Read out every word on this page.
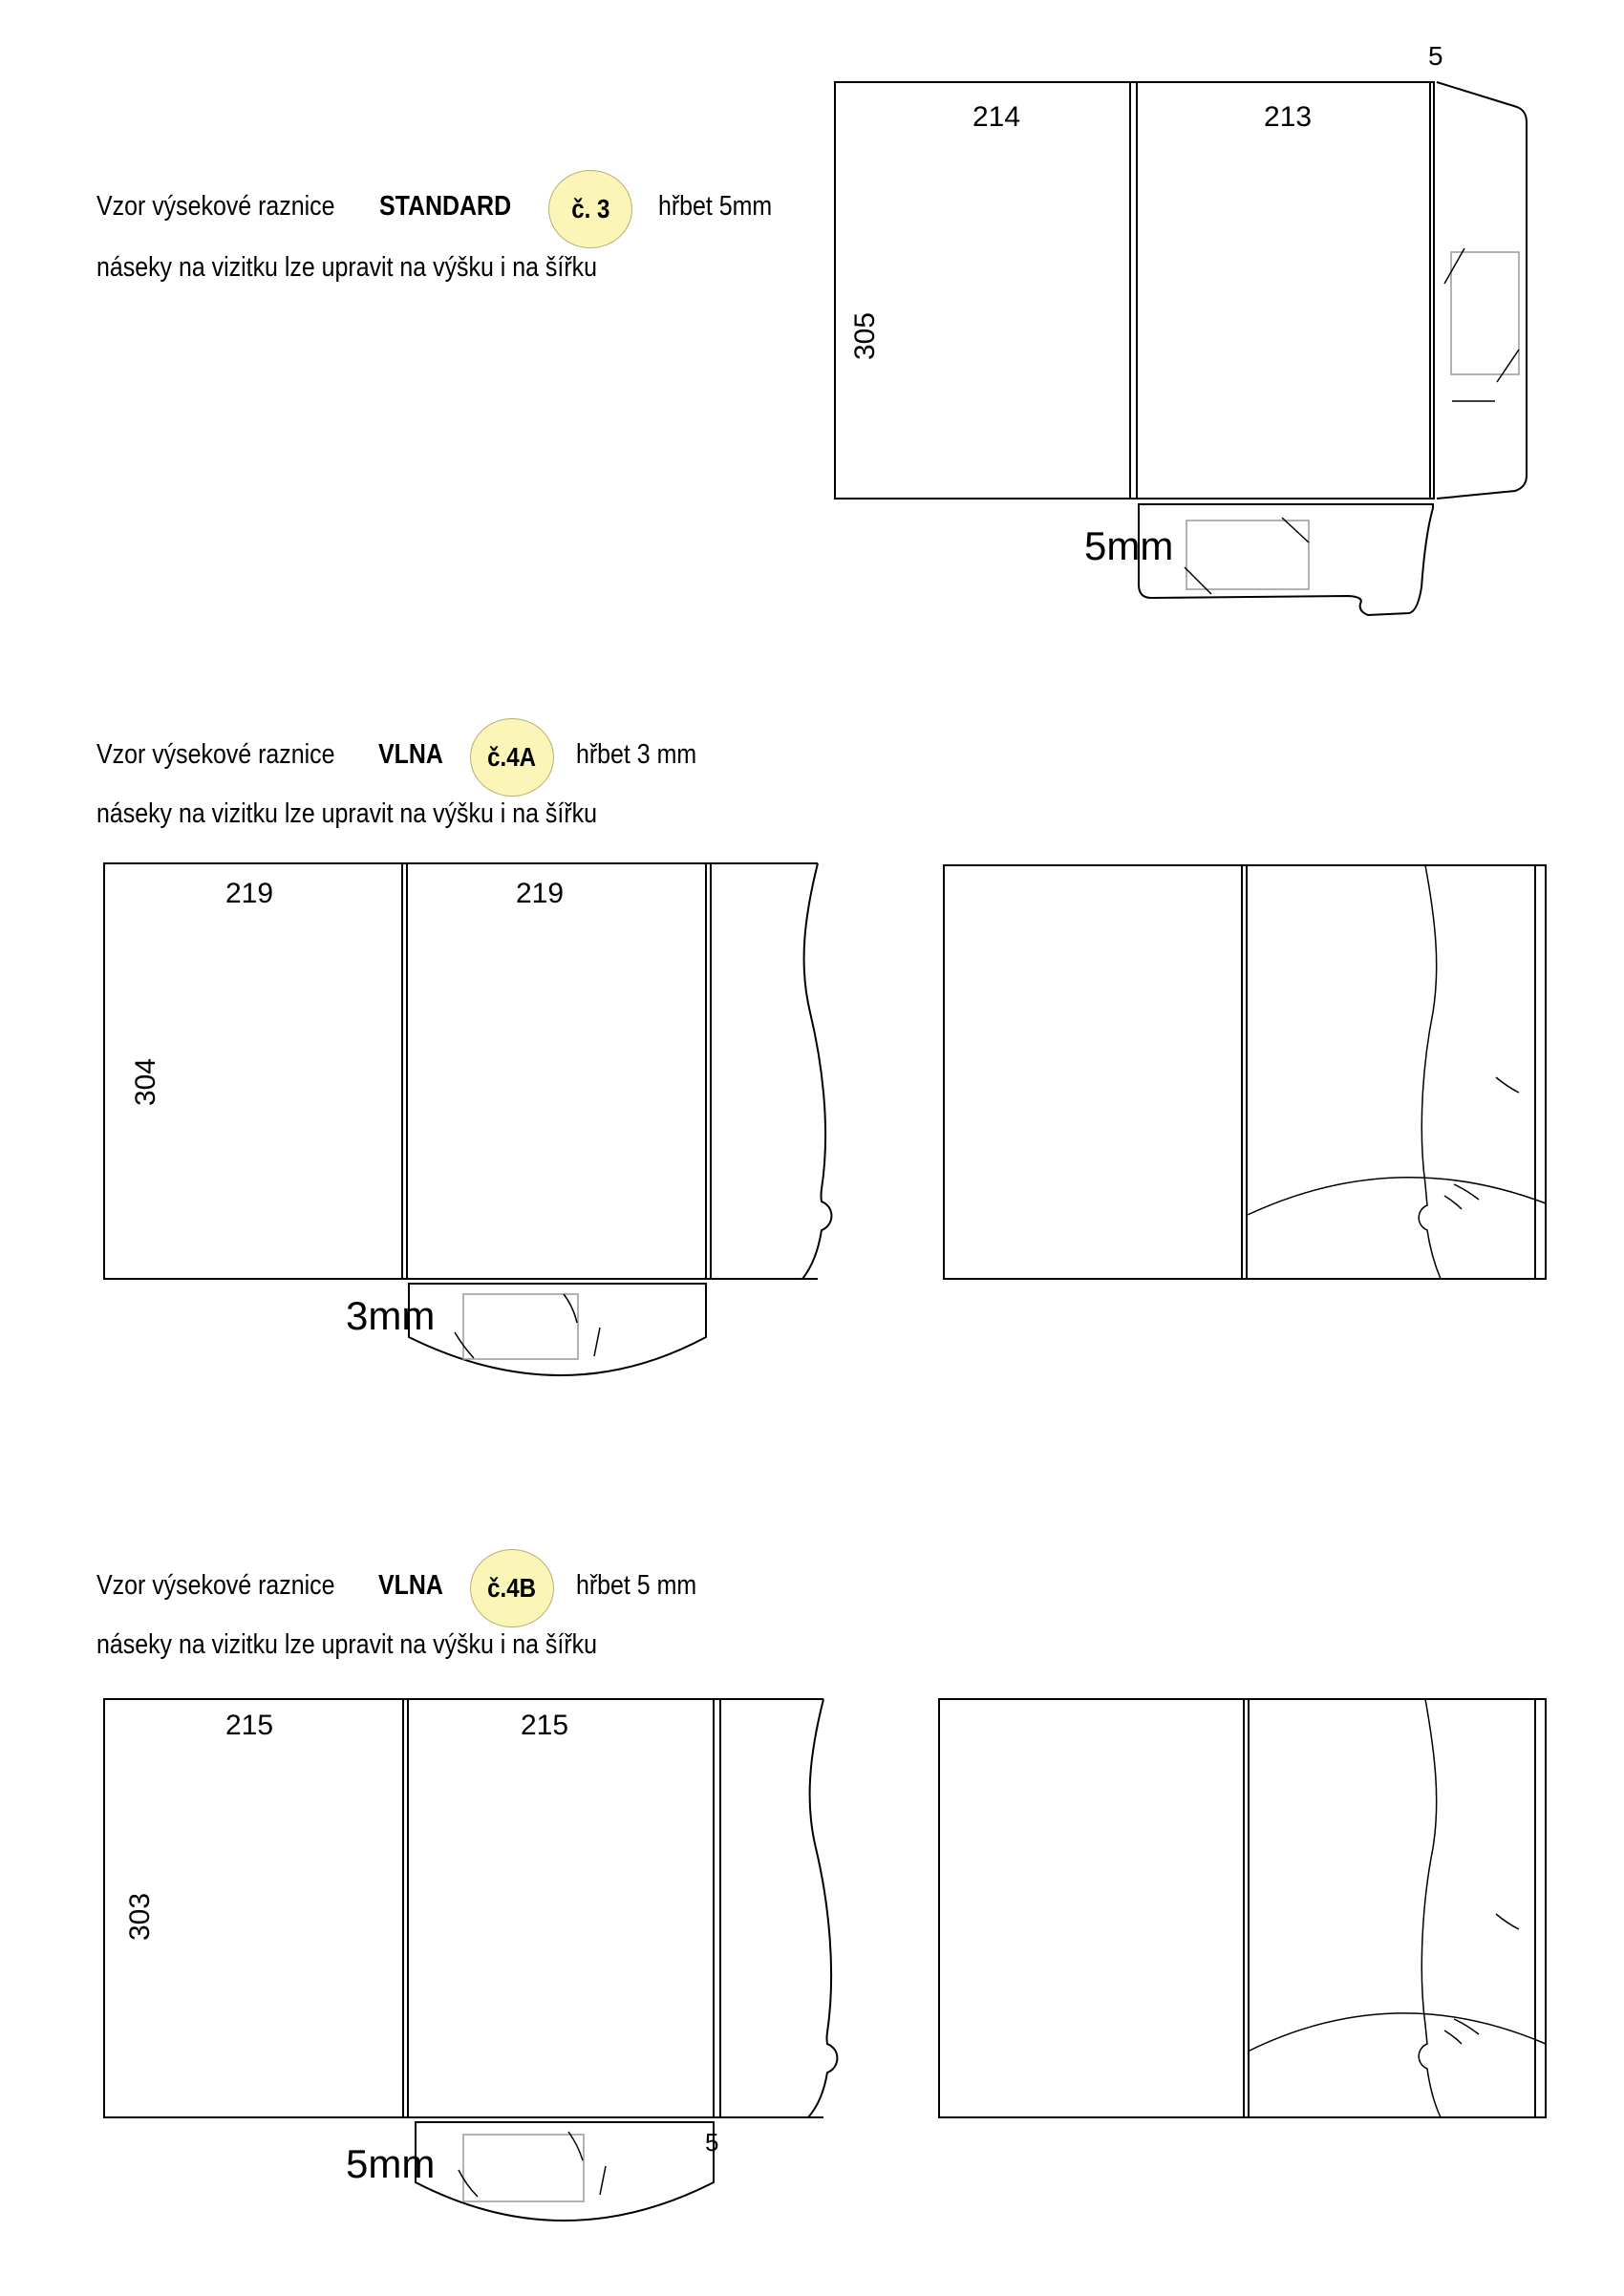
Vzor výsekové raznice STANDARD č. 3 hřbet 5mm
náseky na vizitku lze upravit na výšku i na šířku
Vzor výsekové raznice VLNA č.4A hřbet 3 mm
náseky na vizitku lze upravit na výšku i na šířku
Vzor výsekové raznice VLNA č.4B hřbet 5 mm
náseky na vizitku lze upravit na výšku i na šířku
214	213
5
305
5mm
219	219
304
3mm
215	215
303
5mm	5
